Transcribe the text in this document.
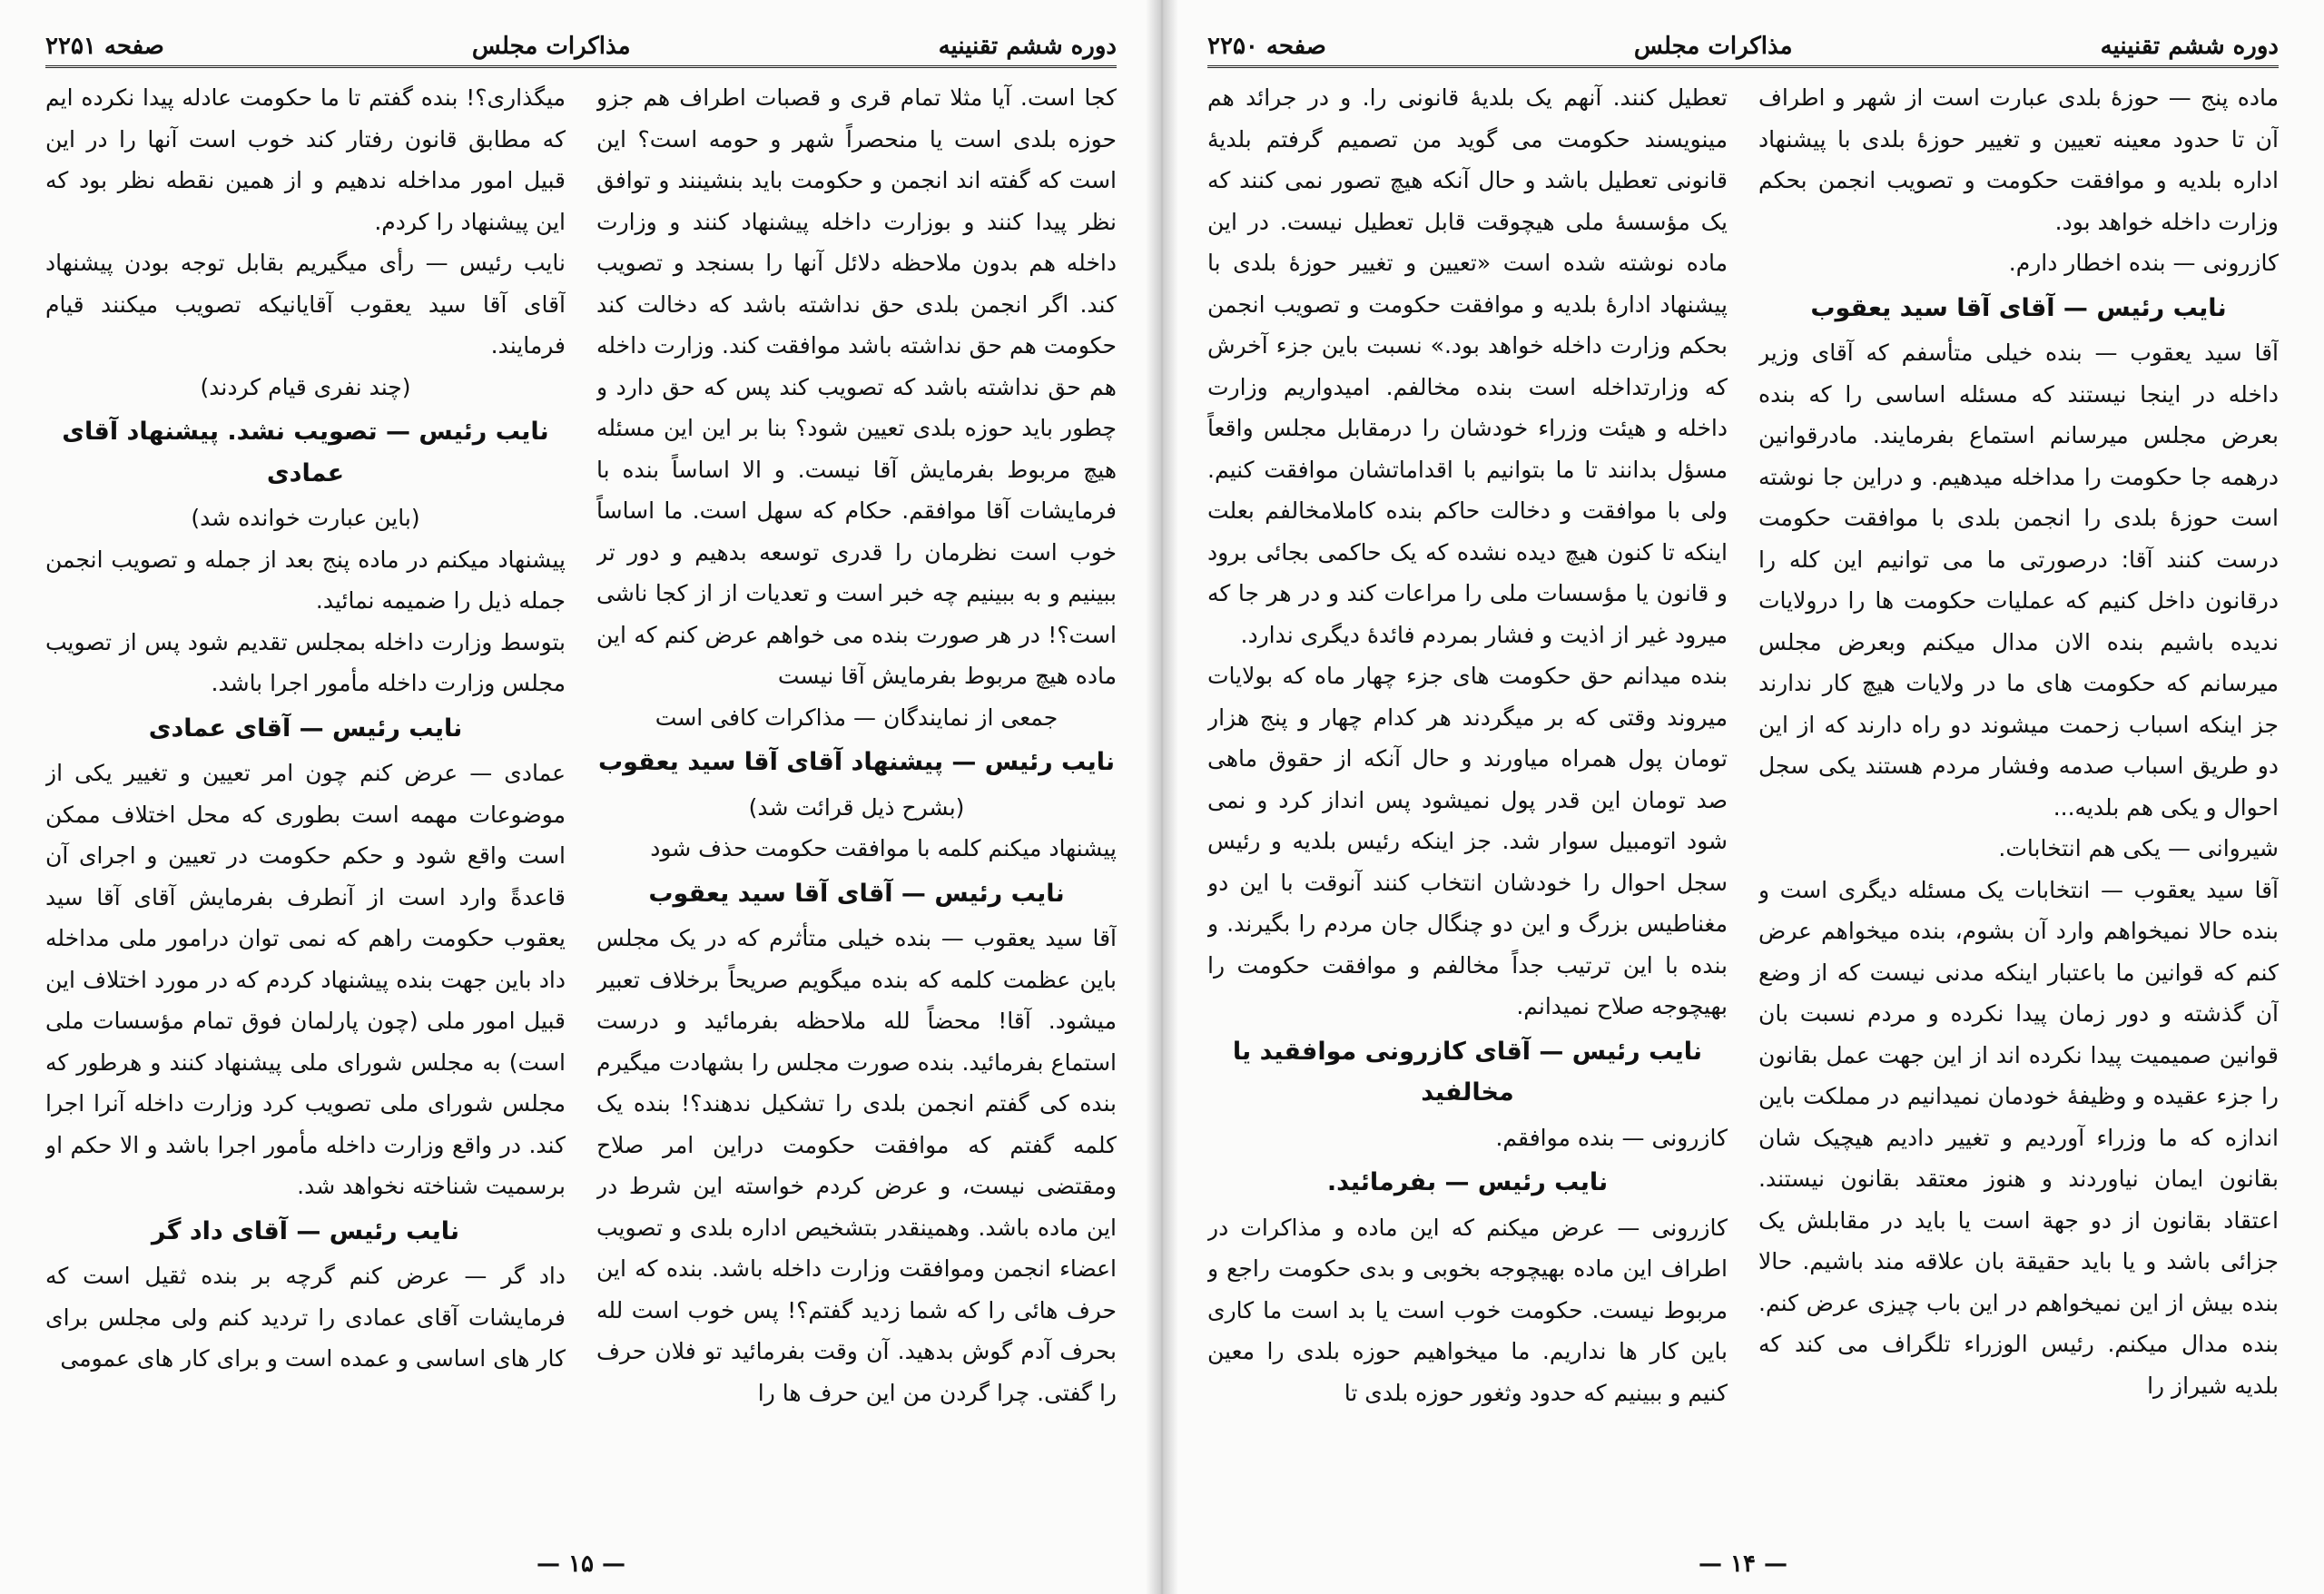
دوره ششم تقنینیه
مذاکرات مجلس
صفحه ۲۲۵۱

کجا است. آیا مثلا تمام قری و قصبات اطراف هم جزو حوزه بلدی است یا منحصراً شهر و حومه است؟ این است که گفته اند انجمن و حکومت باید بنشینند و توافق نظر پیدا کنند و بوزارت داخله پیشنهاد کنند و وزارت داخله هم بدون ملاحظه دلائل آنها را بسنجد و تصویب کند. اگر انجمن بلدی حق نداشته باشد که دخالت کند حکومت هم حق نداشته باشد موافقت کند. وزارت داخله هم حق نداشته باشد که تصویب کند پس که حق دارد و چطور باید حوزه بلدی تعیین شود؟ بنا بر این این مسئله هیچ مربوط بفرمایش آقا نیست. و الا اساساً بنده با فرمایشات آقا موافقم. حکام که سهل است. ما اساساً خوب است نظرمان را قدری توسعه بدهیم و دور تر ببینیم و به ببینیم چه خبر است و تعدیات از از کجا ناشی است؟! در هر صورت بنده می خواهم عرض کنم که این ماده هیچ مربوط بفرمایش آقا نیست

جمعی از نمایندگان — مذاکرات کافی است

نایب رئیس — پیشنهاد آقای آقا سید یعقوب

(بشرح ذیل قرائت شد)

پیشنهاد میکنم کلمه با موافقت حکومت حذف شود

نایب رئیس — آقای آقا سید یعقوب

آقا سید یعقوب — بنده خیلی متأثرم که در یک مجلس باین عظمت کلمه که بنده میگویم صریحاً برخلاف تعبیر میشود. آقا! محضاً لله ملاحظه بفرمائید و درست استماع بفرمائید. بنده صورت مجلس را بشهادت میگیرم بنده کی گفتم انجمن بلدی را تشکیل ندهند؟! بنده یک کلمه گفتم که موافقت حکومت دراین امر صلاح ومقتضی نیست، و عرض کردم خواسته این شرط در این ماده باشد. وهمینقدر بتشخیص اداره بلدی و تصویب اعضاء انجمن وموافقت وزارت داخله باشد. بنده که این حرف هائی را که شما زدید گفتم؟! پس خوب است لله بحرف آدم گوش بدهید. آن وقت بفرمائید تو فلان حرف را گفتی. چرا گردن من این حرف ها را

میگذاری؟! بنده گفتم تا ما حکومت عادله پیدا نکرده ایم که مطابق قانون رفتار کند خوب است آنها را در این قبیل امور مداخله ندهیم و از همین نقطه نظر بود که این پیشنهاد را کردم.

نایب رئیس — رأی میگیریم بقابل توجه بودن پیشنهاد آقای آقا سید یعقوب آقایانیکه تصویب میکنند قیام فرمایند.

(چند نفری قیام کردند)

نایب رئیس — تصویب نشد. پیشنهاد آقای عمادی

(باین عبارت خوانده شد)

پیشنهاد میکنم در ماده پنج بعد از جمله و تصویب انجمن جمله ذیل را ضمیمه نمائید.

بتوسط وزارت داخله بمجلس تقدیم شود پس از تصویب مجلس وزارت داخله مأمور اجرا باشد.

نایب رئیس — آقای عمادی

عمادی — عرض کنم چون امر تعیین و تغییر یکی از موضوعات مهمه است بطوری که محل اختلاف ممکن است واقع شود و حکم حکومت در تعیین و اجرای آن قاعدةً وارد است از آنطرف بفرمایش آقای آقا سید یعقوب حکومت راهم که نمی توان درامور ملی مداخله داد باین جهت بنده پیشنهاد کردم که در مورد اختلاف این قبیل امور ملی (چون پارلمان فوق تمام مؤسسات ملی است) به مجلس شورای ملی پیشنهاد کنند و هرطور که مجلس شورای ملی تصویب کرد وزارت داخله آنرا اجرا کند. در واقع وزارت داخله مأمور اجرا باشد و الا حکم او برسمیت شناخته نخواهد شد.

نایب رئیس — آقای داد گر

داد گر — عرض کنم گرچه بر بنده ثقیل است که فرمایشات آقای عمادی را تردید کنم ولی مجلس برای کار های اساسی و عمده است و برای کار های عمومی

— ۱۵ —
دوره ششم تقنینیه
مذاکرات مجلس
صفحه ۲۲۵۰

ماده پنج — حوزهٔ بلدی عبارت است از شهر و اطراف آن تا حدود معینه تعیین و تغییر حوزهٔ بلدی با پیشنهاد اداره بلدیه و موافقت حکومت و تصویب انجمن بحکم وزارت داخله خواهد بود.

کازرونی — بنده اخطار دارم.

نایب رئیس — آقای آقا سید یعقوب

آقا سید یعقوب — بنده خیلی متأسفم که آقای وزیر داخله در اینجا نیستند که مسئله اساسی را که بنده بعرض مجلس میرسانم استماع بفرمایند. مادرقوانین درهمه جا حکومت را مداخله میدهیم. و دراین جا نوشته است حوزهٔ بلدی را انجمن بلدی با موافقت حکومت درست کنند آقا: درصورتی ما می توانیم این کله را درقانون داخل کنیم که عملیات حکومت ها را درولایات ندیده باشیم بنده الان مدال میکنم وبعرض مجلس میرسانم که حکومت های ما در ولایات هیچ کار ندارند جز اینکه اسباب زحمت میشوند دو راه دارند که از این دو طریق اسباب صدمه وفشار مردم هستند یکی سجل احوال و یکی هم بلدیه...

شیروانی — یکی هم انتخابات.

آقا سید یعقوب — انتخابات یک مسئله دیگری است و بنده حالا نمیخواهم وارد آن بشوم، بنده میخواهم عرض کنم که قوانین ما باعتبار اینکه مدنی نیست که از وضع آن گذشته و دور زمان پیدا نکرده و مردم نسبت بان قوانین صمیمیت پیدا نکرده اند از این جهت عمل بقانون را جزء عقیده و وظیفهٔ خودمان نمیدانیم در مملکت باین اندازه که ما وزراء آوردیم و تغییر دادیم هیچیک شان بقانون ایمان نیاوردند و هنوز معتقد بقانون نیستند. اعتقاد بقانون از دو جهة است یا باید در مقابلش یک جزائی باشد و یا باید حقیقة بان علاقه مند باشیم. حالا بنده بیش از این نمیخواهم در این باب چیزی عرض کنم. بنده مدال میکنم. رئیس الوزراء تلگراف می کند که بلدیه شیراز را

تعطیل کنند. آنهم یک بلدیهٔ قانونی را. و در جرائد هم مینویسند حکومت می گوید من تصمیم گرفتم بلدیهٔ قانونی تعطیل باشد و حال آنکه هیچ تصور نمی کنند که یک مؤسسهٔ ملی هیچوقت قابل تعطیل نیست. در این ماده نوشته شده است «تعیین و تغییر حوزهٔ بلدی با پیشنهاد ادارهٔ بلدیه و موافقت حکومت و تصویب انجمن بحکم وزارت داخله خواهد بود.» نسبت باین جزء آخرش که وزارتداخله است بنده مخالفم. امیدواریم وزارت داخله و هیئت وزراء خودشان را درمقابل مجلس واقعاً مسؤل بدانند تا ما بتوانیم با اقداماتشان موافقت کنیم. ولی با موافقت و دخالت حاکم بنده کاملامخالفم بعلت اینکه تا کنون هیچ دیده نشده که یک حاکمی بجائی برود و قانون یا مؤسسات ملی را مراعات کند و در هر جا که میرود غیر از اذیت و فشار بمردم فائدهٔ دیگری ندارد.

بنده میدانم حق حکومت های جزء چهار ماه که بولایات میروند وقتی که بر میگردند هر کدام چهار و پنج هزار تومان پول همراه میاورند و حال آنکه از حقوق ماهی صد تومان این قدر پول نمیشود پس انداز کرد و نمی شود اتومبیل سوار شد. جز اینکه رئیس بلدیه و رئیس سجل احوال را خودشان انتخاب کنند آنوقت با این دو مغناطیس بزرگ و این دو چنگال جان مردم را بگیرند. و بنده با این ترتیب جداً مخالفم و موافقت حکومت را بهیچوجه صلاح نمیدانم.

نایب رئیس — آقای کازرونی موافقید یا مخالفید

کازرونی — بنده موافقم.

نایب رئیس — بفرمائید.

کازرونی — عرض میکنم که این ماده و مذاکرات در اطراف این ماده بهیچوجه بخوبی و بدی حکومت راجع و مربوط نیست. حکومت خوب است یا بد است ما کاری باین کار ها نداریم. ما میخواهیم حوزه بلدی را معین کنیم و ببینیم که حدود وثغور حوزه بلدی تا

— ۱۴ —
